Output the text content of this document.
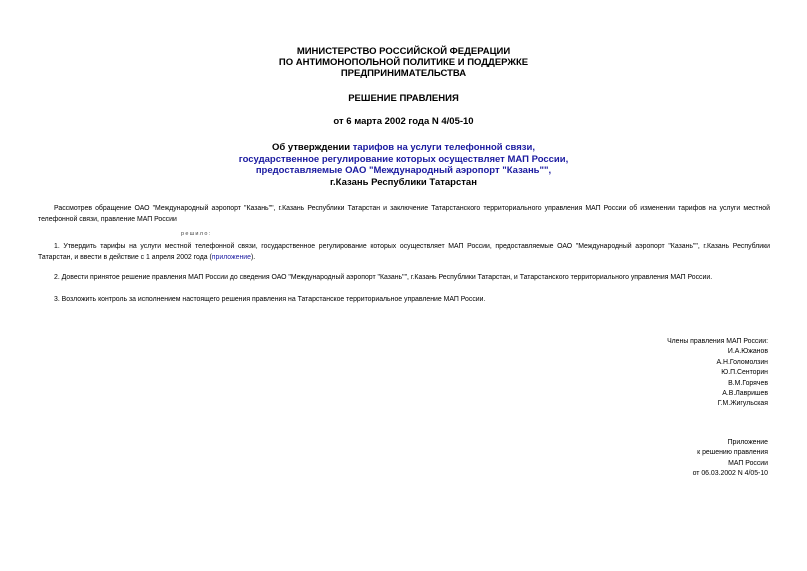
МИНИСТЕРСТВО РОССИЙСКОЙ ФЕДЕРАЦИИ
ПО АНТИМОНОПОЛЬНОЙ ПОЛИТИКЕ И ПОДДЕРЖКЕ
ПРЕДПРИНИМАТЕЛЬСТВА
РЕШЕНИЕ ПРАВЛЕНИЯ
от 6 марта 2002 года N 4/05-10
Об утверждении тарифов на услуги телефонной связи,
государственное регулирование которых осуществляет МАП России,
предоставляемые ОАО "Международный аэропорт "Казань"",
г.Казань Республики Татарстан
Рассмотрев обращение ОАО "Международный аэропорт "Казань"", г.Казань Республики Татарстан и заключение Татарстанского территориального управления МАП России об изменении тарифов на услуги местной телефонной связи, правление МАП России
решило:
1. Утвердить тарифы на услуги местной телефонной связи, государственное регулирование которых осуществляет МАП России, предоставляемые ОАО "Международный аэропорт "Казань"", г.Казань Республики Татарстан, и ввести в действие с 1 апреля 2002 года (приложение).
2. Довести принятое решение правления МАП России до сведения ОАО "Международный аэропорт "Казань"", г.Казань Республики Татарстан, и Татарстанского территориального управления МАП России.
3. Возложить контроль за исполнением настоящего решения правления на Татарстанское территориальное управление МАП России.
Члены правления МАП России:
И.А.Южанов
А.Н.Голомолзин
Ю.П.Сенторин
В.М.Горячев
А.В.Лавришев
Г.М.Жигульская
Приложение
к решению правления
МАП России
от 06.03.2002 N 4/05-10
